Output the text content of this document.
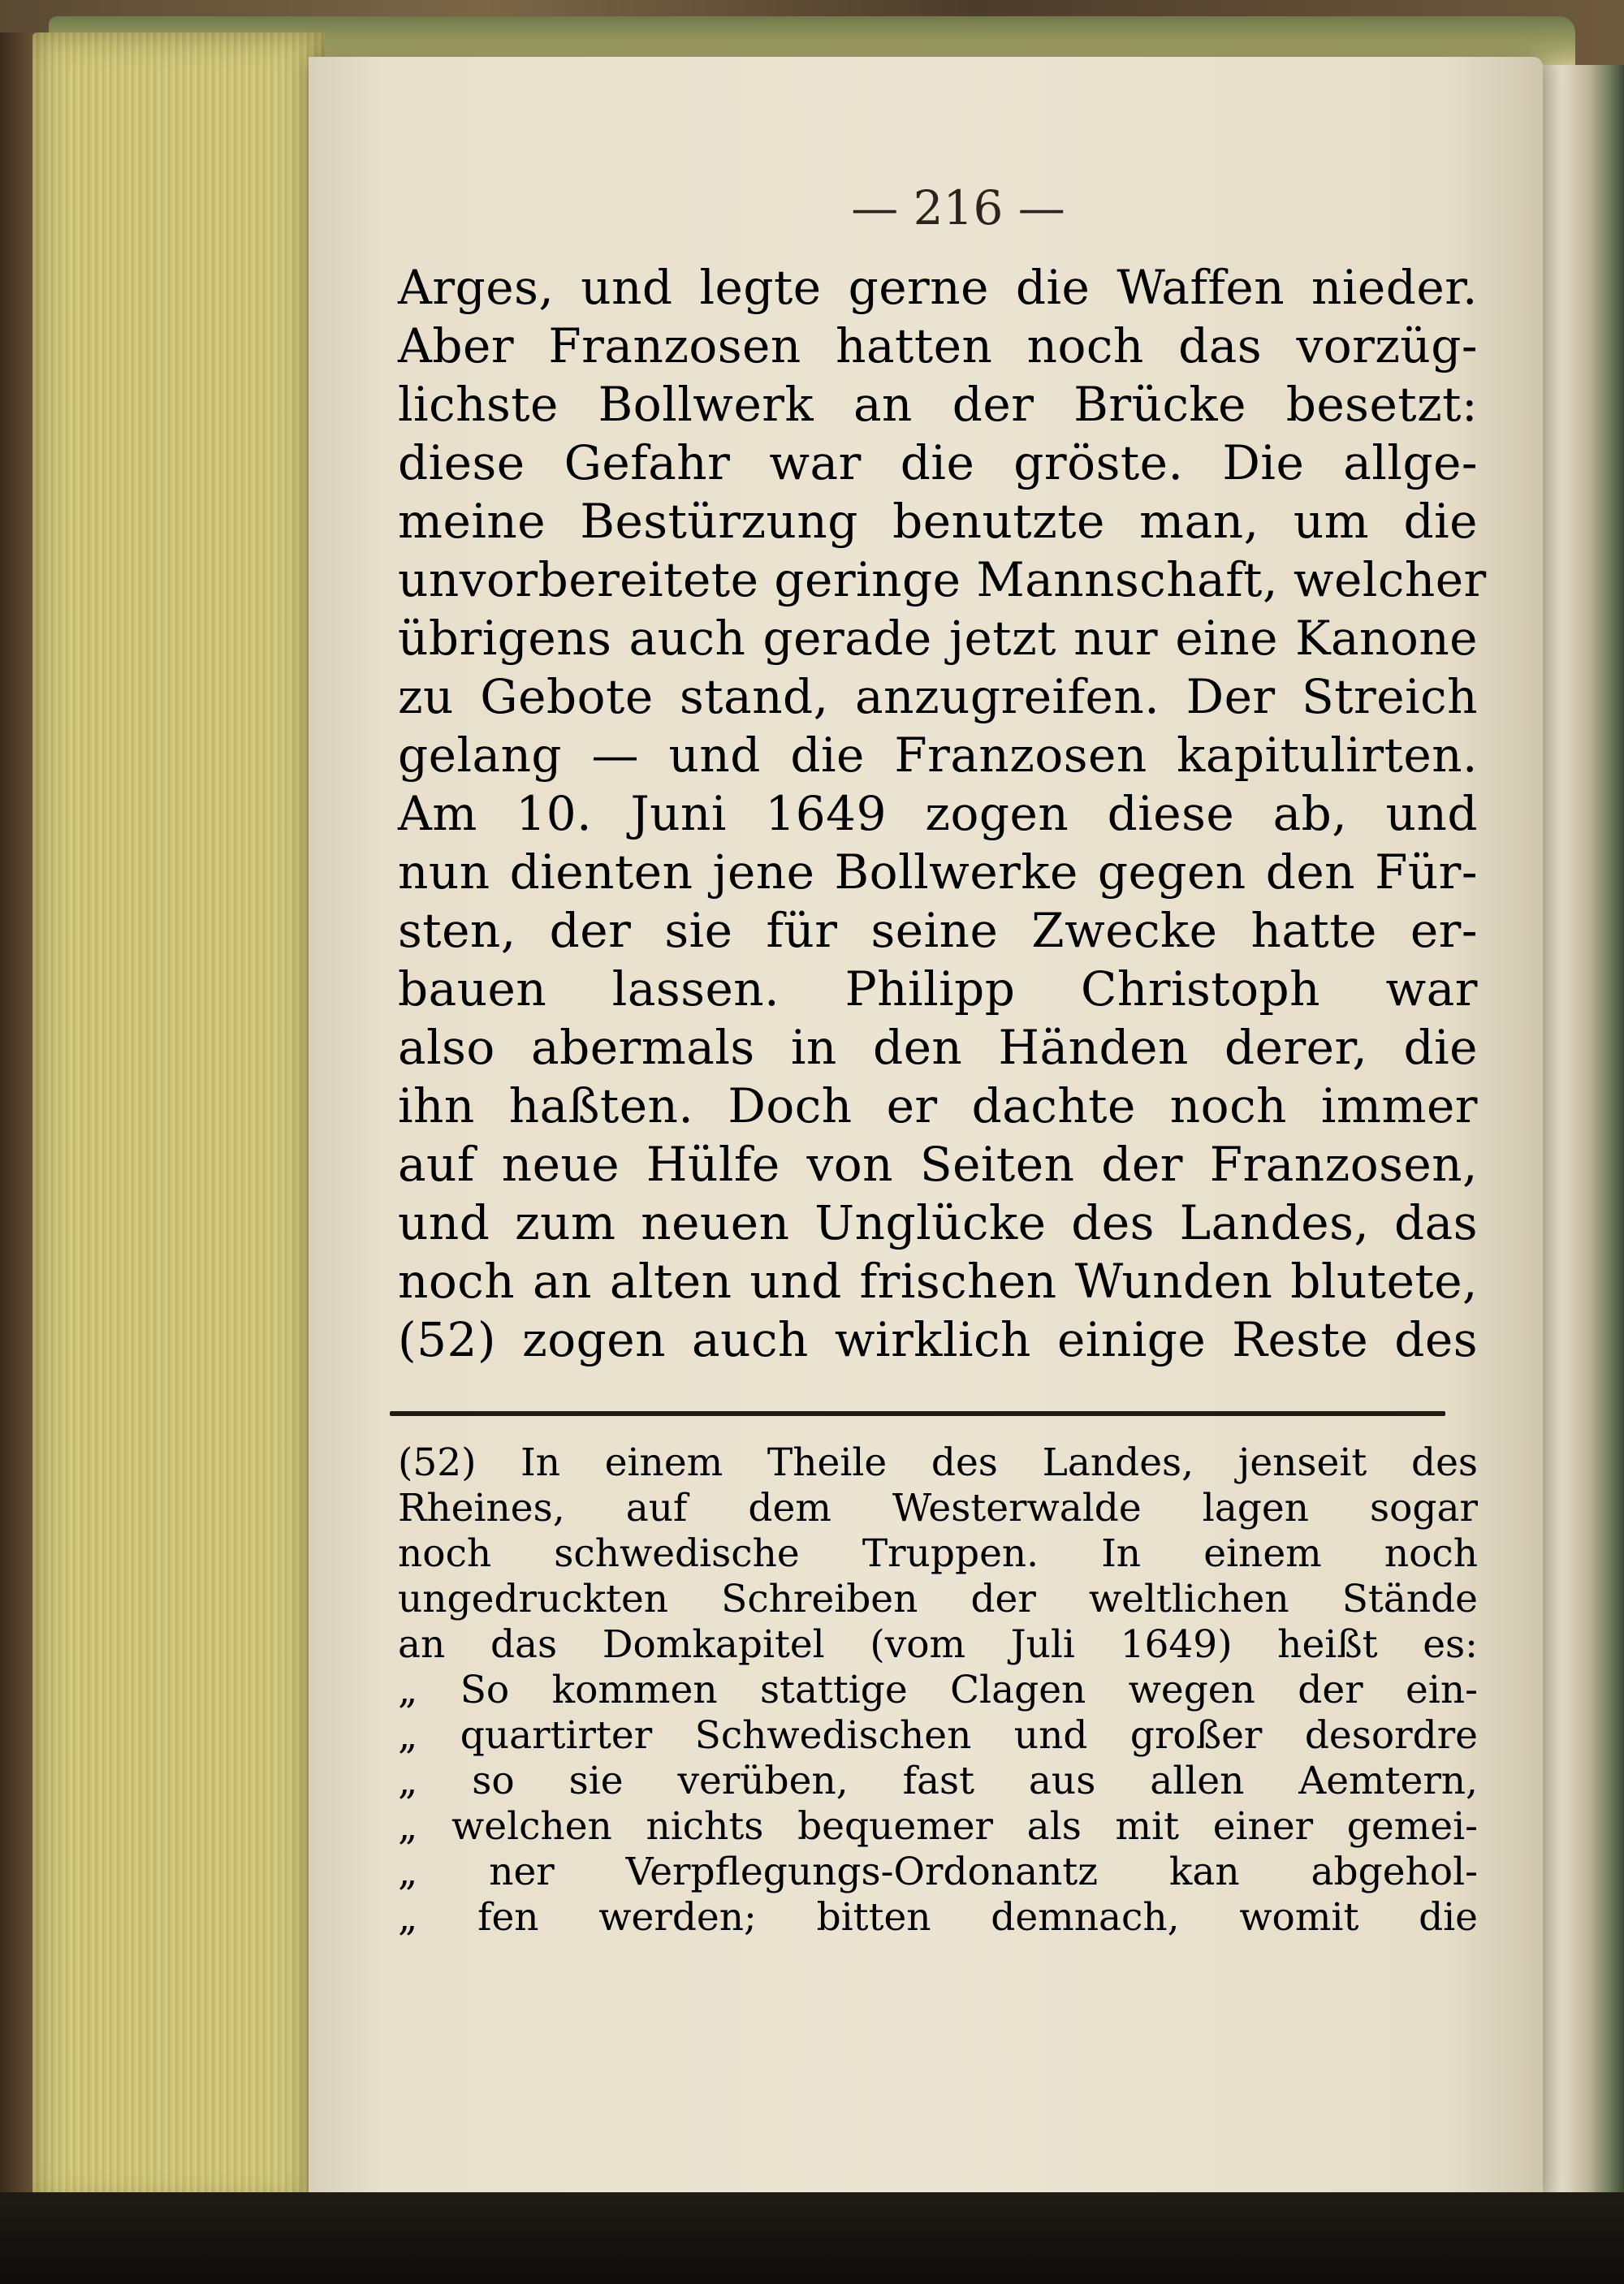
— 216 —
Arges, und legte gerne die Waffen nieder.
Aber Franzosen hatten noch das vorzüg-
lichste Bollwerk an der Brücke besetzt:
diese Gefahr war die gröste. Die allge-
meine Bestürzung benutzte man, um die
unvorbereitete geringe Mannschaft, welcher
übrigens auch gerade jetzt nur eine Kanone
zu Gebote stand, anzugreifen. Der Streich
gelang — und die Franzosen kapitulirten.
Am 10. Juni 1649 zogen diese ab, und
nun dienten jene Bollwerke gegen den Für-
sten, der sie für seine Zwecke hatte er-
bauen lassen. Philipp Christoph war
also abermals in den Händen derer, die
ihn haßten. Doch er dachte noch immer
auf neue Hülfe von Seiten der Franzosen,
und zum neuen Unglücke des Landes, das
noch an alten und frischen Wunden blutete,
(52) zogen auch wirklich einige Reste des
(52) In einem Theile des Landes, jenseit des
Rheines, auf dem Westerwalde lagen sogar
noch schwedische Truppen. In einem noch
ungedruckten Schreiben der weltlichen Stände
an das Domkapitel (vom Juli 1649) heißt es:
„ So kommen stattige Clagen wegen der ein-
„ quartirter Schwedischen und großer desordre
„ so sie verüben, fast aus allen Aemtern,
„ welchen nichts bequemer als mit einer gemei-
„ ner Verpflegungs-Ordonantz kan abgehol-
„ fen werden; bitten demnach, womit die
